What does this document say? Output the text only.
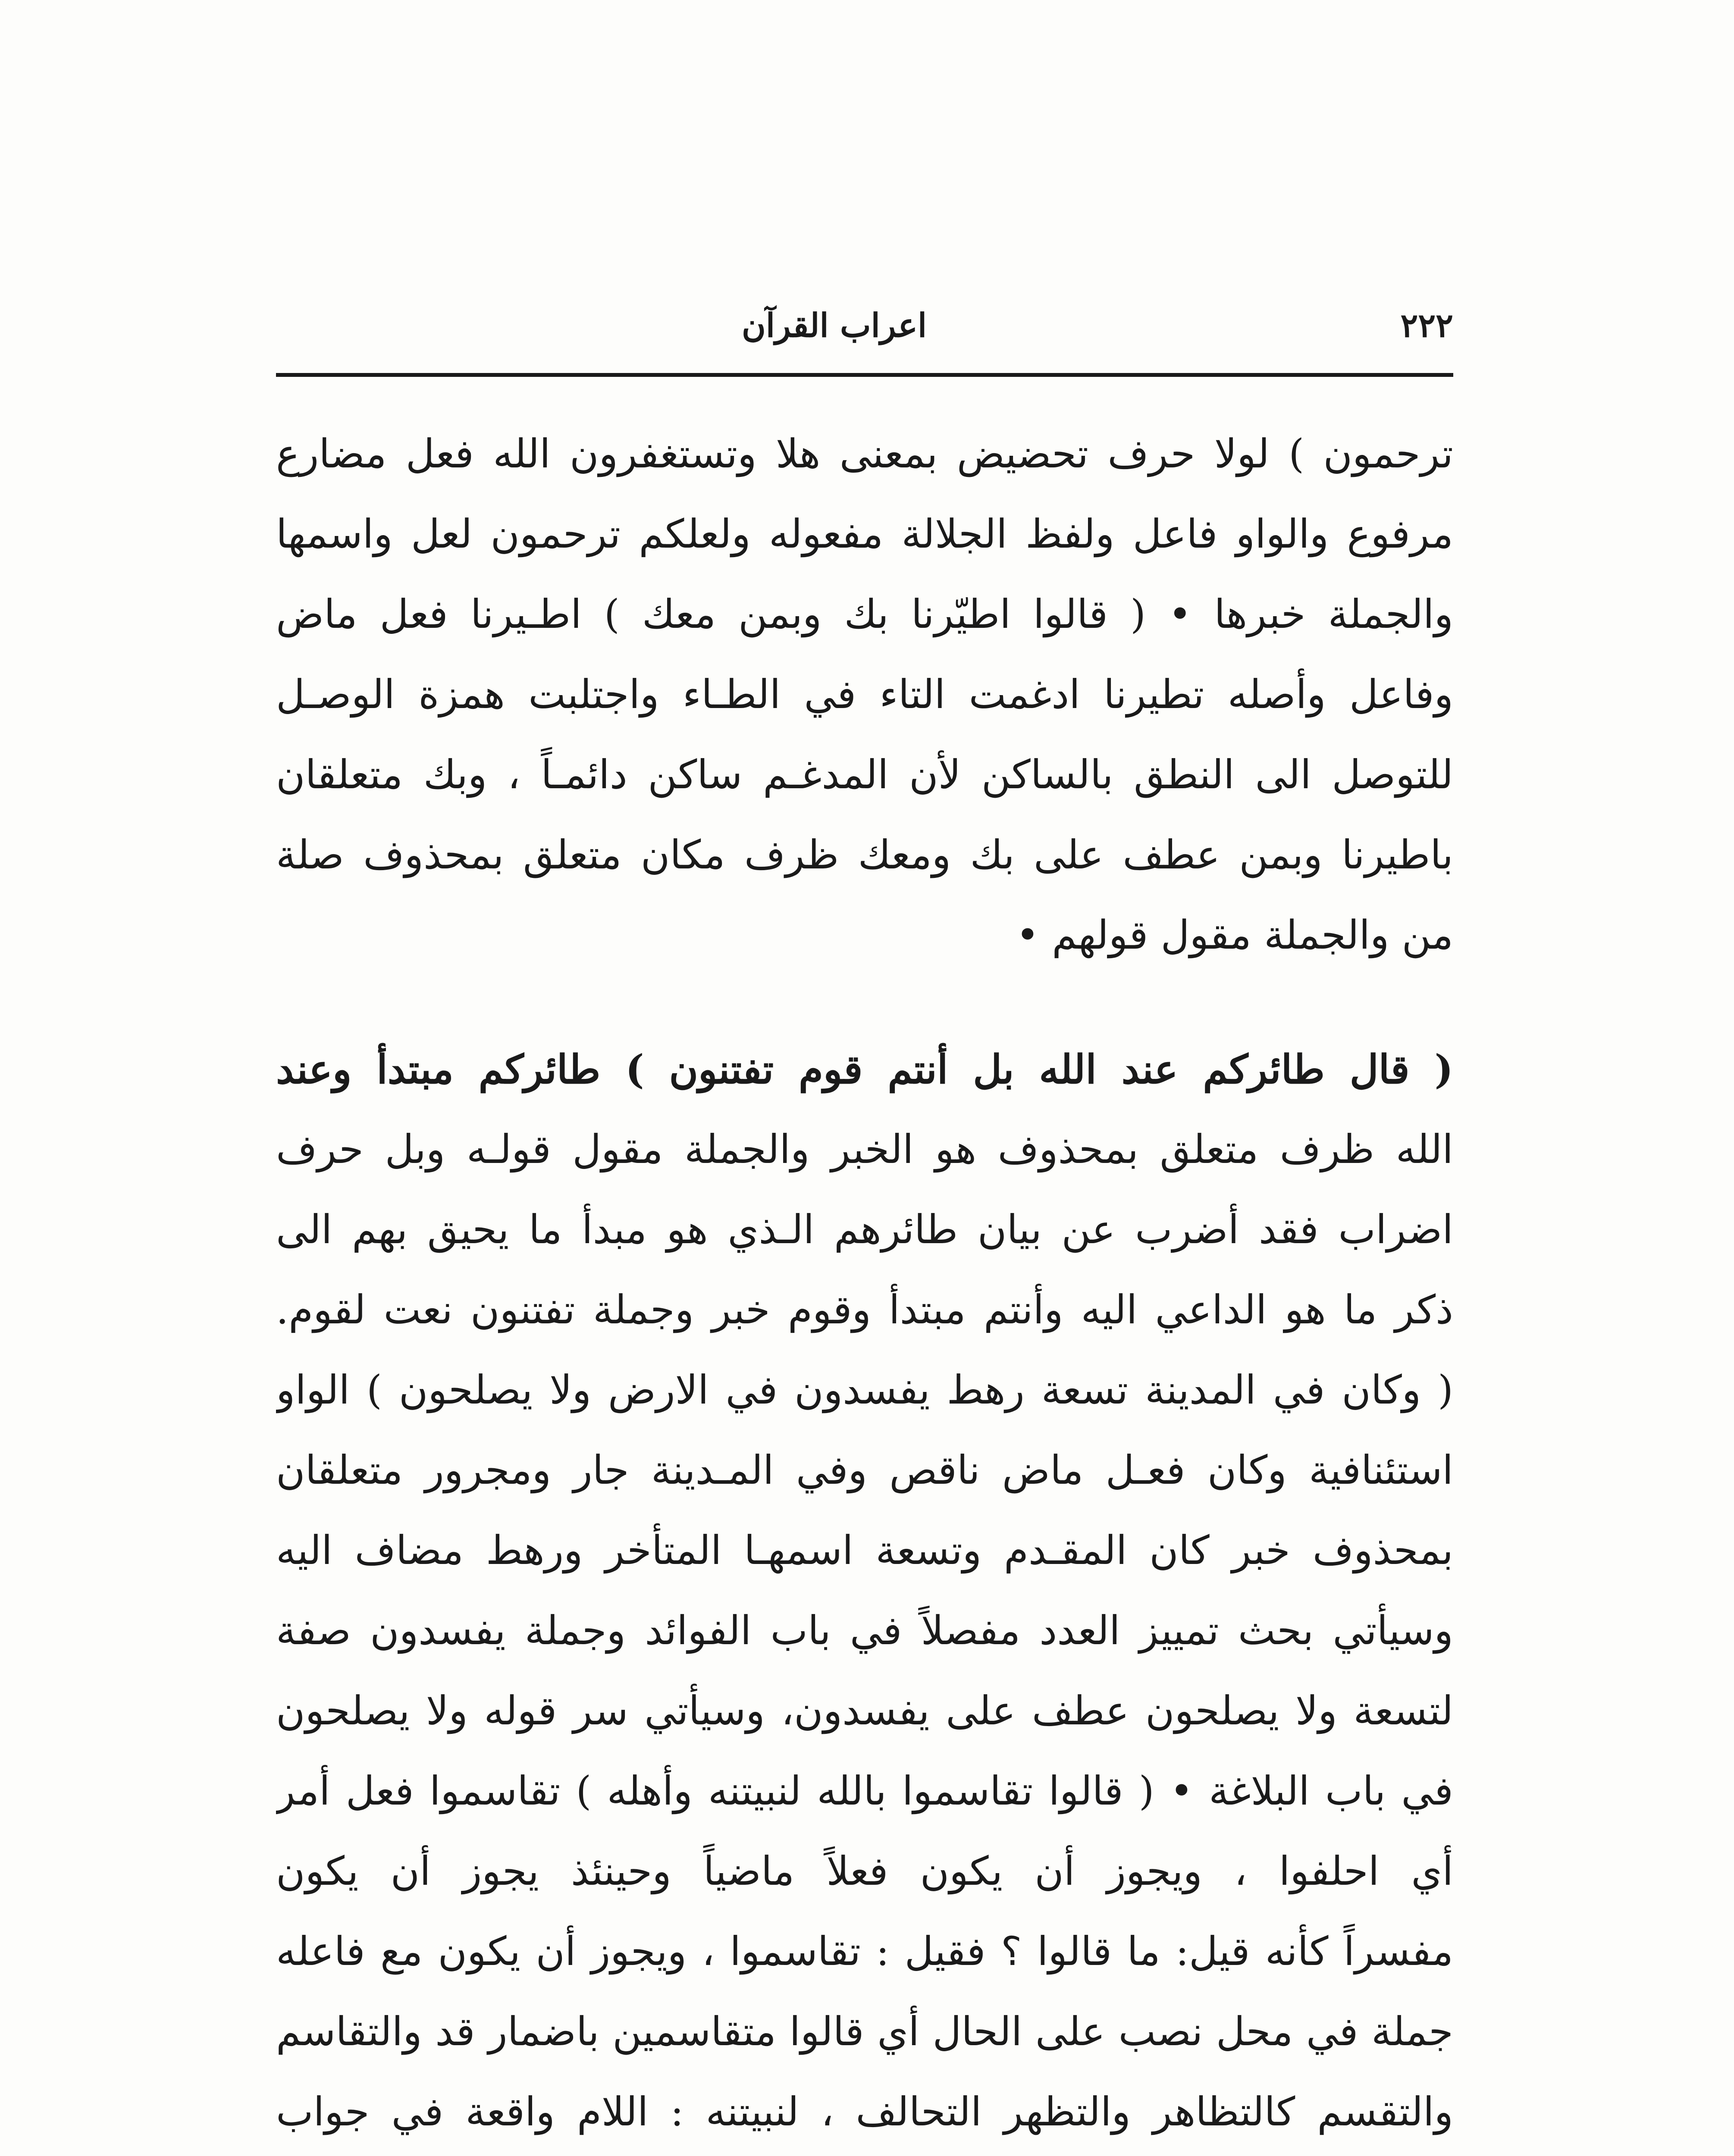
٢٢٢
اعراب القرآن
ترحمون ) لولا حرف تحضيض بمعنى هلا وتستغفرون الله فعل مضارع
مرفوع والواو فاعل ولفظ الجلالة مفعوله ولعلكم ترحمون لعل واسمها
والجملة خبرها • ( قالوا اطيّرنا بك وبمن معك ) اطـيرنا فعل ماض
وفاعل وأصله تطيرنا ادغمت التاء في الطـاء واجتلبت همزة الوصـل
للتوصل الى النطق بالساكن لأن المدغـم ساكن دائمـاً ، وبك متعلقان
باطيرنا وبمن عطف على بك ومعك ظرف مكان متعلق بمحذوف صلة
من والجملة مقول قولهم •
( قال طائركم عند الله بل أنتم قوم تفتنون ) طائركم مبتدأ وعند
الله ظرف متعلق بمحذوف هو الخبر والجملة مقول قولـه وبل حرف
اضراب فقد أضرب عن بيان طائرهم الـذي هو مبدأ ما يحيق بهم الى
ذكر ما هو الداعي اليه وأنتم مبتدأ وقوم خبر وجملة تفتنون نعت لقوم.
( وكان في المدينة تسعة رهط يفسدون في الارض ولا يصلحون ) الواو
استئنافية وكان فعـل ماض ناقص وفي المـدينة جار ومجرور متعلقان
بمحذوف خبر كان المقـدم وتسعة اسمهـا المتأخر ورهط مضاف اليه
وسيأتي بحث تمييز العدد مفصلاً في باب الفوائد وجملة يفسدون صفة
لتسعة ولا يصلحون عطف على يفسدون، وسيأتي سر قوله ولا يصلحون
في باب البلاغة • ( قالوا تقاسموا بالله لنبيتنه وأهله ) تقاسموا فعل أمر
أي احلفوا ، ويجوز أن يكون فعلاً ماضياً وحينئذ يجوز أن يكون
مفسراً كأنه قيل: ما قالوا ؟ فقيل : تقاسموا ، ويجوز أن يكون مع فاعله
جملة في محل نصب على الحال أي قالوا متقاسمين باضمار قد والتقاسم
والتقسم كالتظاهر والتظهر التحالف ، لنبيتنه : اللام واقعة في جواب
